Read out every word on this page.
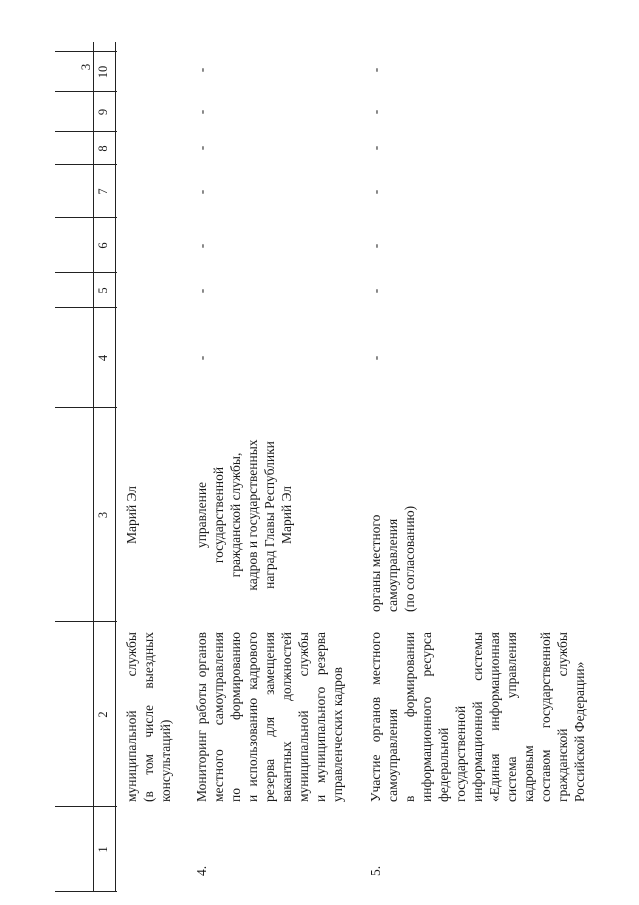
3
1
2
3
4
5
6
7
8
9
10
муниципальной службы (в том числе выездных консультаций)
Марий Эл
4.
Мониторинг работы органов местного самоуправления по формированию и использованию кадрового резерва для замещения вакантных должностей муниципальной службы и муниципального резерва управленческих кадров
управление государственной гражданской службы, кадров и государственных наград Главы Республики Марий Эл
-
-
-
-
-
-
-
5.
Участие органов местного самоуправления в формировании информационного ресурса федеральной государственной информационной системы «Единая информационная система управления кадровым составом государственной гражданской службы Российской Федерации»
органы местного самоуправления (по согласованию)
-
-
-
-
-
-
-
